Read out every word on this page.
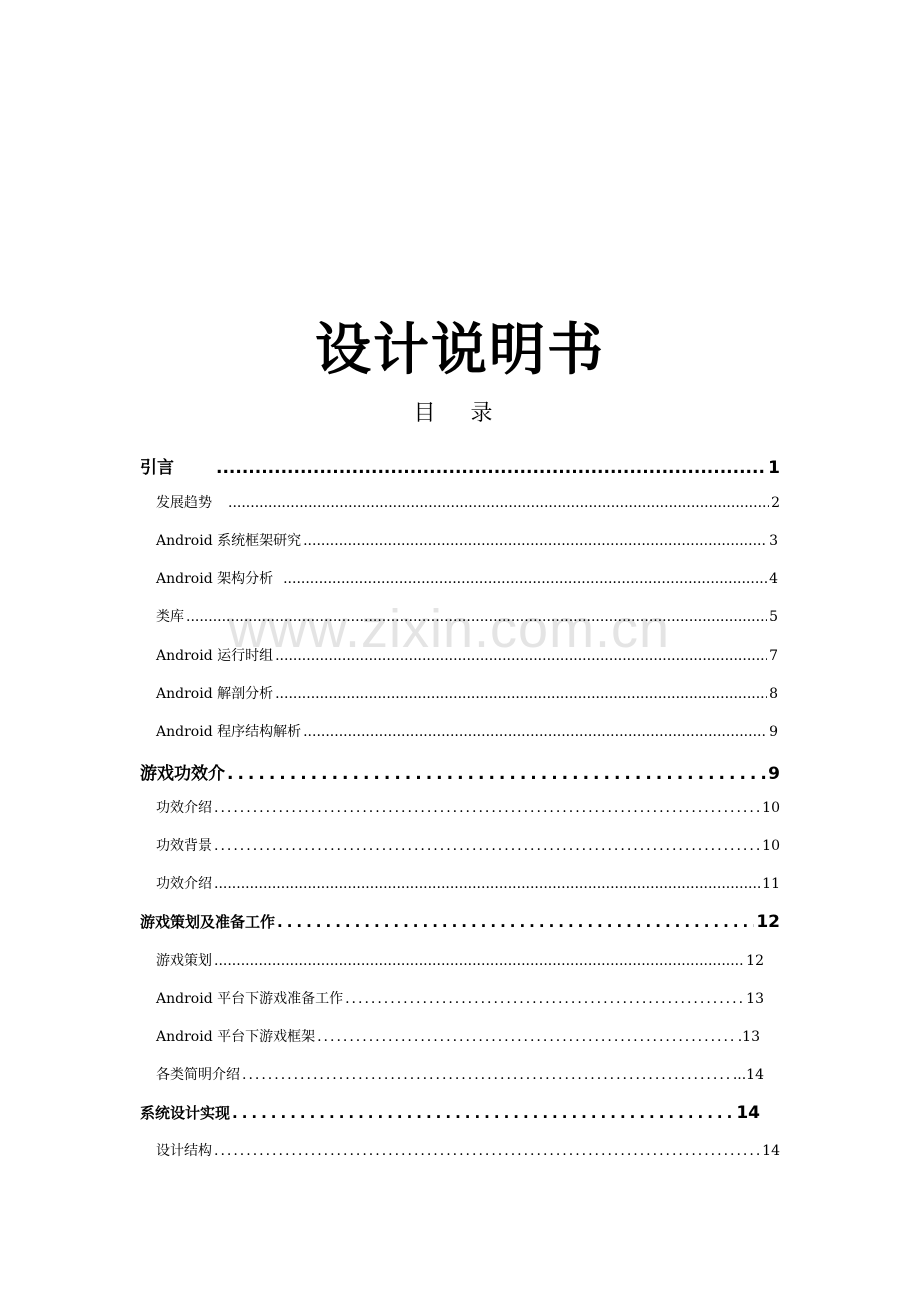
设计说明书
目 录
www.zixin.com.cn
引言 .....	1
发展趋势 .....	2
Android 系统框架研究 .....	3
Android 架构分析 .....	4
类库 .....	5
Android 运行时组 .....	7
Android 解剖分析 .....	8
Android 程序结构解析 .....	9
游戏功效介 .....	9
功效介绍 .....	10
功效背景 .....	10
功效介绍 .....	11
游戏策划及准备工作 .....	12
游戏策划 .....	12
Android 平台下游戏准备工作 .....	13
Android 平台下游戏框架 .....	.13
各类简明介绍 .....	...14
系统设计实现 .....	14
设计结构 .....	14
